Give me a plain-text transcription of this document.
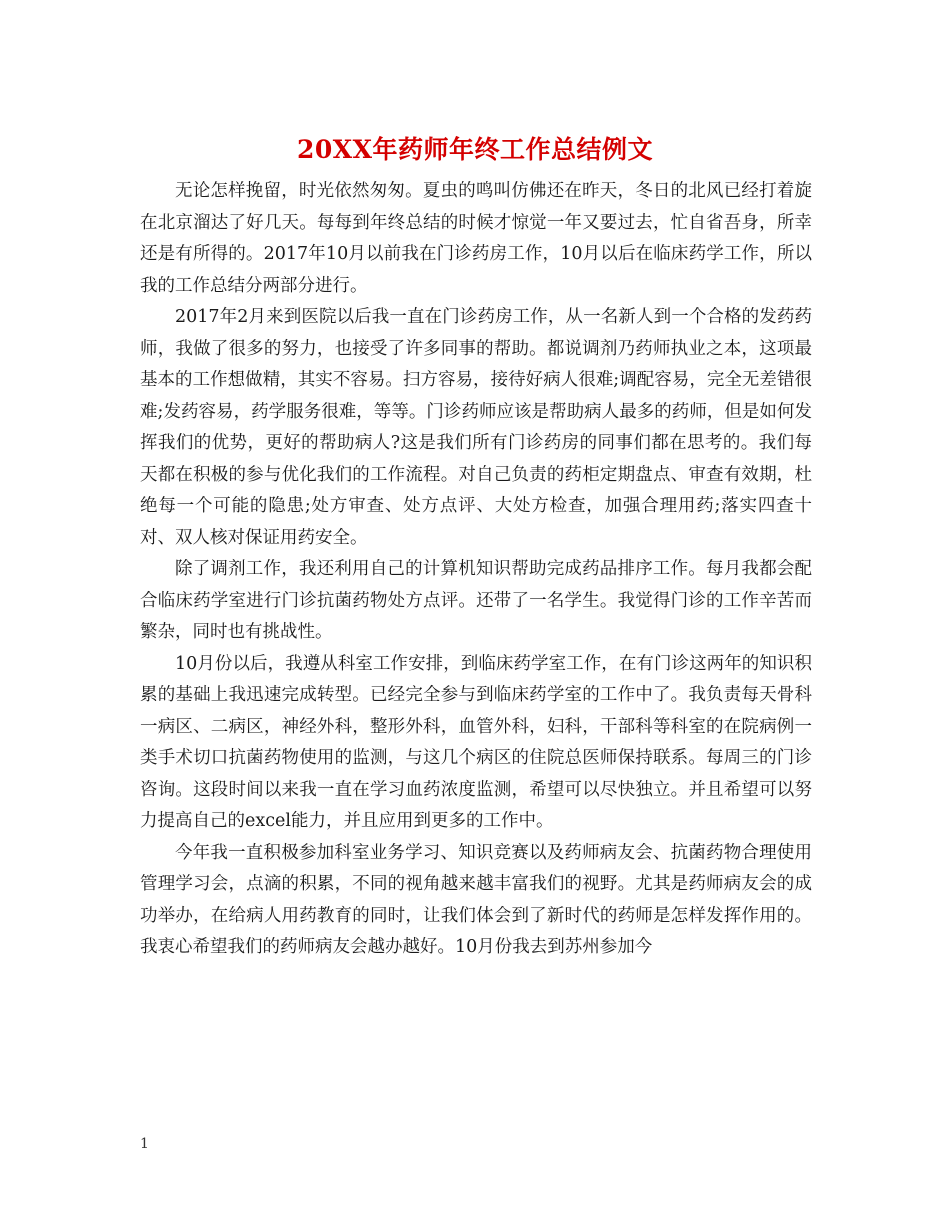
20XX年药师年终工作总结例文

无论怎样挽留，时光依然匆匆。夏虫的鸣叫仿佛还在昨天，冬日的北风已经打着旋在北京溜达了好几天。每每到年终总结的时候才惊觉一年又要过去，忙自省吾身，所幸还是有所得的。2017年10月以前我在门诊药房工作，10月以后在临床药学工作，所以我的工作总结分两部分进行。

2017年2月来到医院以后我一直在门诊药房工作，从一名新人到一个合格的发药药师，我做了很多的努力，也接受了许多同事的帮助。都说调剂乃药师执业之本，这项最基本的工作想做精，其实不容易。扫方容易，接待好病人很难;调配容易，完全无差错很难;发药容易，药学服务很难，等等。门诊药师应该是帮助病人最多的药师，但是如何发挥我们的优势，更好的帮助病人?这是我们所有门诊药房的同事们都在思考的。我们每天都在积极的参与优化我们的工作流程。对自己负责的药柜定期盘点、审查有效期，杜绝每一个可能的隐患;处方审查、处方点评、大处方检查，加强合理用药;落实四查十对、双人核对保证用药安全。

除了调剂工作，我还利用自己的计算机知识帮助完成药品排序工作。每月我都会配合临床药学室进行门诊抗菌药物处方点评。还带了一名学生。我觉得门诊的工作辛苦而繁杂，同时也有挑战性。

10月份以后，我遵从科室工作安排，到临床药学室工作，在有门诊这两年的知识积累的基础上我迅速完成转型。已经完全参与到临床药学室的工作中了。我负责每天骨科一病区、二病区，神经外科，整形外科，血管外科，妇科，干部科等科室的在院病例一类手术切口抗菌药物使用的监测，与这几个病区的住院总医师保持联系。每周三的门诊咨询。这段时间以来我一直在学习血药浓度监测，希望可以尽快独立。并且希望可以努力提高自己的excel能力，并且应用到更多的工作中。

今年我一直积极参加科室业务学习、知识竞赛以及药师病友会、抗菌药物合理使用管理学习会，点滴的积累，不同的视角越来越丰富我们的视野。尤其是药师病友会的成功举办，在给病人用药教育的同时，让我们体会到了新时代的药师是怎样发挥作用的。我衷心希望我们的药师病友会越办越好。10月份我去到苏州参加今

1
